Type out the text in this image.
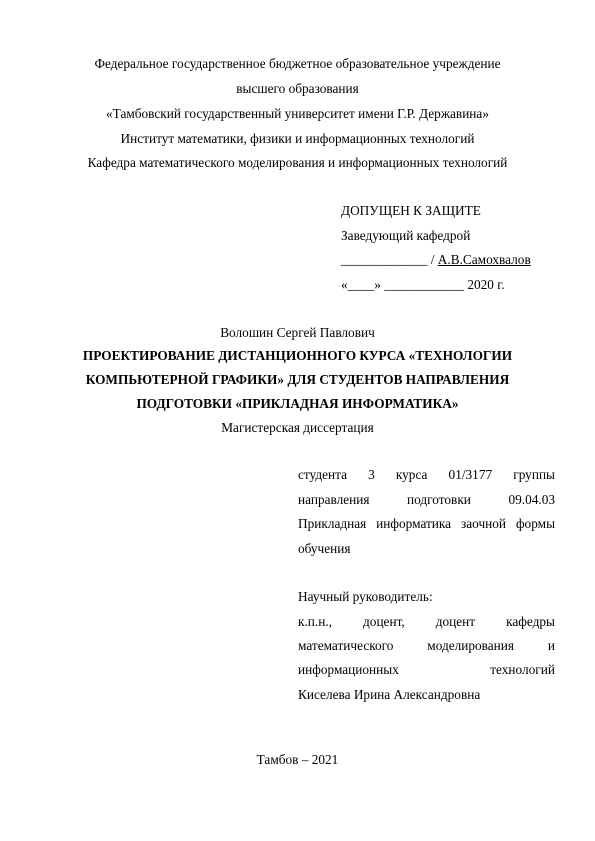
Федеральное государственное бюджетное образовательное учреждение
высшего образования
«Тамбовский государственный университет имени Г.Р. Державина»
Институт математики, физики и информационных технологий
Кафедра математического моделирования и информационных технологий
ДОПУЩЕН К ЗАЩИТЕ
Заведующий кафедрой
_____________ / А.В.Самохвалов
«____» ____________ 2020 г.
Волошин Сергей Павлович
ПРОЕКТИРОВАНИЕ ДИСТАНЦИОННОГО КУРСА «ТЕХНОЛОГИИ
КОМПЬЮТЕРНОЙ ГРАФИКИ» ДЛЯ СТУДЕНТОВ НАПРАВЛЕНИЯ
ПОДГОТОВКИ «ПРИКЛАДНАЯ ИНФОРМАТИКА»
Магистерская диссертация
студента 3 курса 01/3177 группы
направления	подготовки	09.04.03
Прикладная информатика заочной формы
обучения
Научный руководитель:
к.п.н., доцент, доцент кафедры
математического	моделирования	и
информационных	технологий
Киселева Ирина Александровна
Тамбов – 2021
